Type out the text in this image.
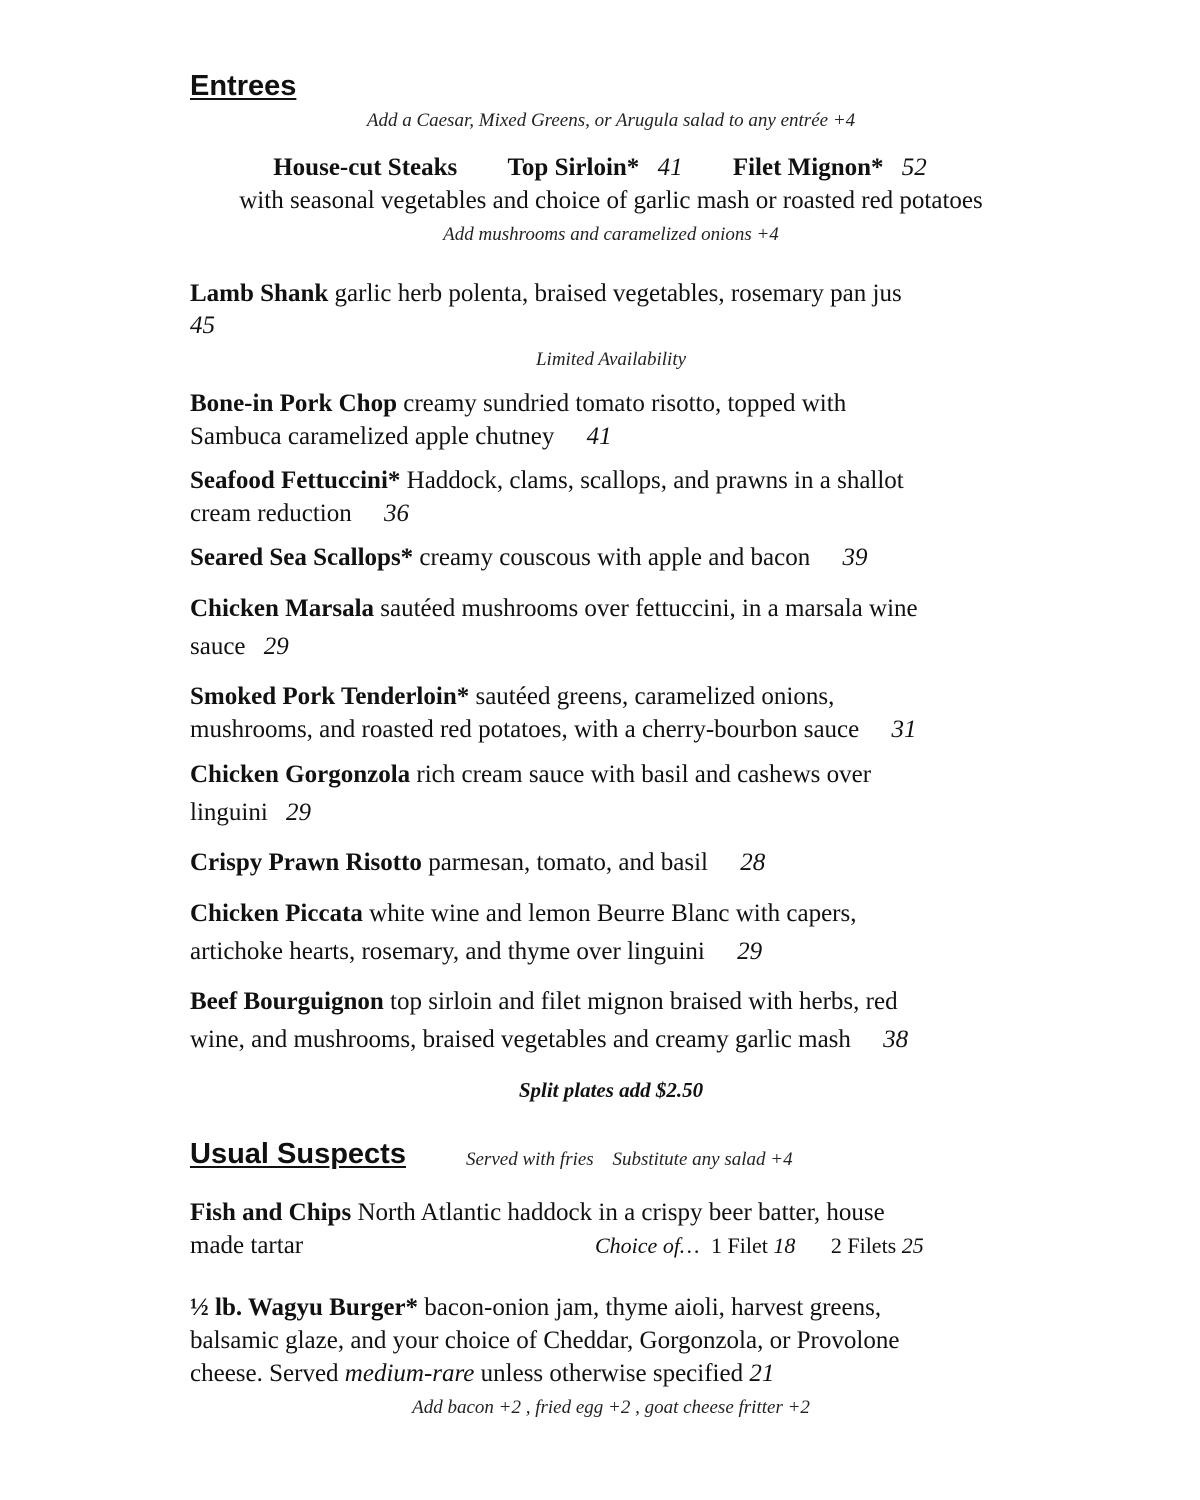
Entrees

Add a Caesar, Mixed Greens, or Arugula salad to any entrée +4

House-cut Steaks Top Sirloin* 41 Filet Mignon* 52

with seasonal vegetables and choice of garlic mash or roasted red potatoes

Add mushrooms and caramelized onions +4

Lamb Shank garlic herb polenta, braised vegetables, rosemary pan jus

45

Limited Availability

Bone-in Pork Chop creamy sundried tomato risotto, topped with

Sambuca caramelized apple chutney 41

Seafood Fettuccini* Haddock, clams, scallops, and prawns in a shallot

cream reduction 36

Seared Sea Scallops* creamy couscous with apple and bacon 39

Chicken Marsala sautéed mushrooms over fettuccini, in a marsala wine

sauce 29

Smoked Pork Tenderloin* sautéed greens, caramelized onions,

mushrooms, and roasted red potatoes, with a cherry-bourbon sauce 31

Chicken Gorgonzola rich cream sauce with basil and cashews over

linguini 29

Crispy Prawn Risotto parmesan, tomato, and basil 28

Chicken Piccata white wine and lemon Beurre Blanc with capers,

artichoke hearts, rosemary, and thyme over linguini 29

Beef Bourguignon top sirloin and filet mignon braised with herbs, red

wine, and mushrooms, braised vegetables and creamy garlic mash 38

Split plates add $2.50

Usual Suspects	Served with fries Substitute any salad +4

Fish and Chips North Atlantic haddock in a crispy beer batter, house

made tartar	Choice of… 1 Filet 18 2 Filets 25

½ lb. Wagyu Burger* bacon-onion jam, thyme aioli, harvest greens,

balsamic glaze, and your choice of Cheddar, Gorgonzola, or Provolone

cheese. Served medium-rare unless otherwise specified 21

Add bacon +2 , fried egg +2 , goat cheese fritter +2
